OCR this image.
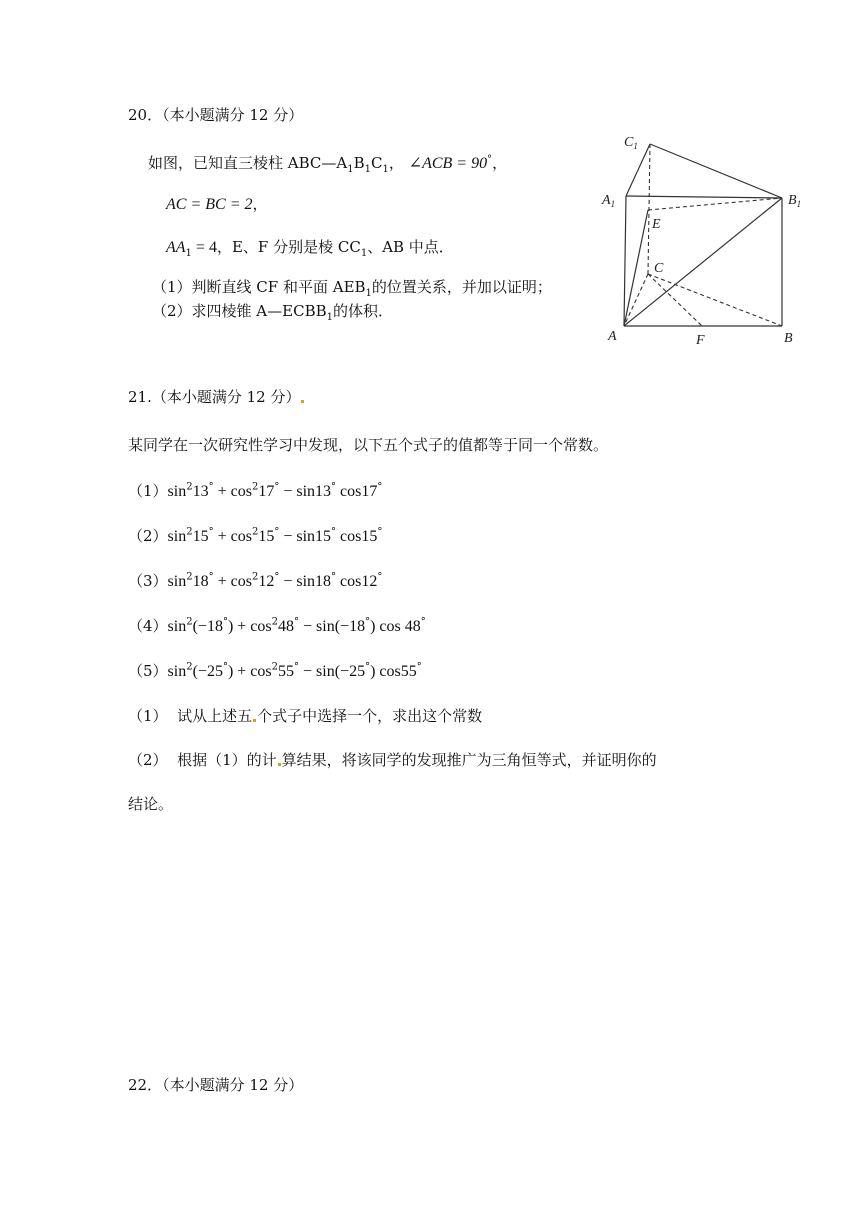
20．（本小题满分 12 分）
如图，已知直三棱柱 $ABC—A_1B_1C_1$， ∠ACB = 90°，
AC = BC = 2，
$AA_1 = 4$，E、F 分别是棱 $CC_1$、AB 中点．
（1）判断直线 CF 和平面 $AEB_1$的位置关系，并加以证明；
（2）求四棱锥 $A—ECBB_1$的体积．
$C_1$
$A_1$	$B_1$
E
C
A	F	B
21.（本小题满分 12 分）
某同学在一次研究性学习中发现，以下五个式子的值都等于同一个常数。
$(1)\sin^213^\circ + \cos^217^\circ - \sin 13^\circ$ cos17°
$(2)\sin^215^\circ + \cos^215^\circ - \sin 15^\circ$ cos15°
$(3)\sin^218^\circ + \cos^212^\circ - \sin 18^\circ$ cos12°
$(4)\sin^2(-18^\circ) + \cos^248^\circ - \sin(-18^\circ)$ cos 48°
$(5)\sin^2(-25^\circ) + \cos^255^\circ - \sin(-25^\circ)$ cos55°
（1） 试从上述五 个式子中选择一个，求出这个常数
（2） 根据（1）的计 算结果，将该同学的发现推广为三角恒等式，并证明你的
结论。
22．（本小题满分 12 分）
